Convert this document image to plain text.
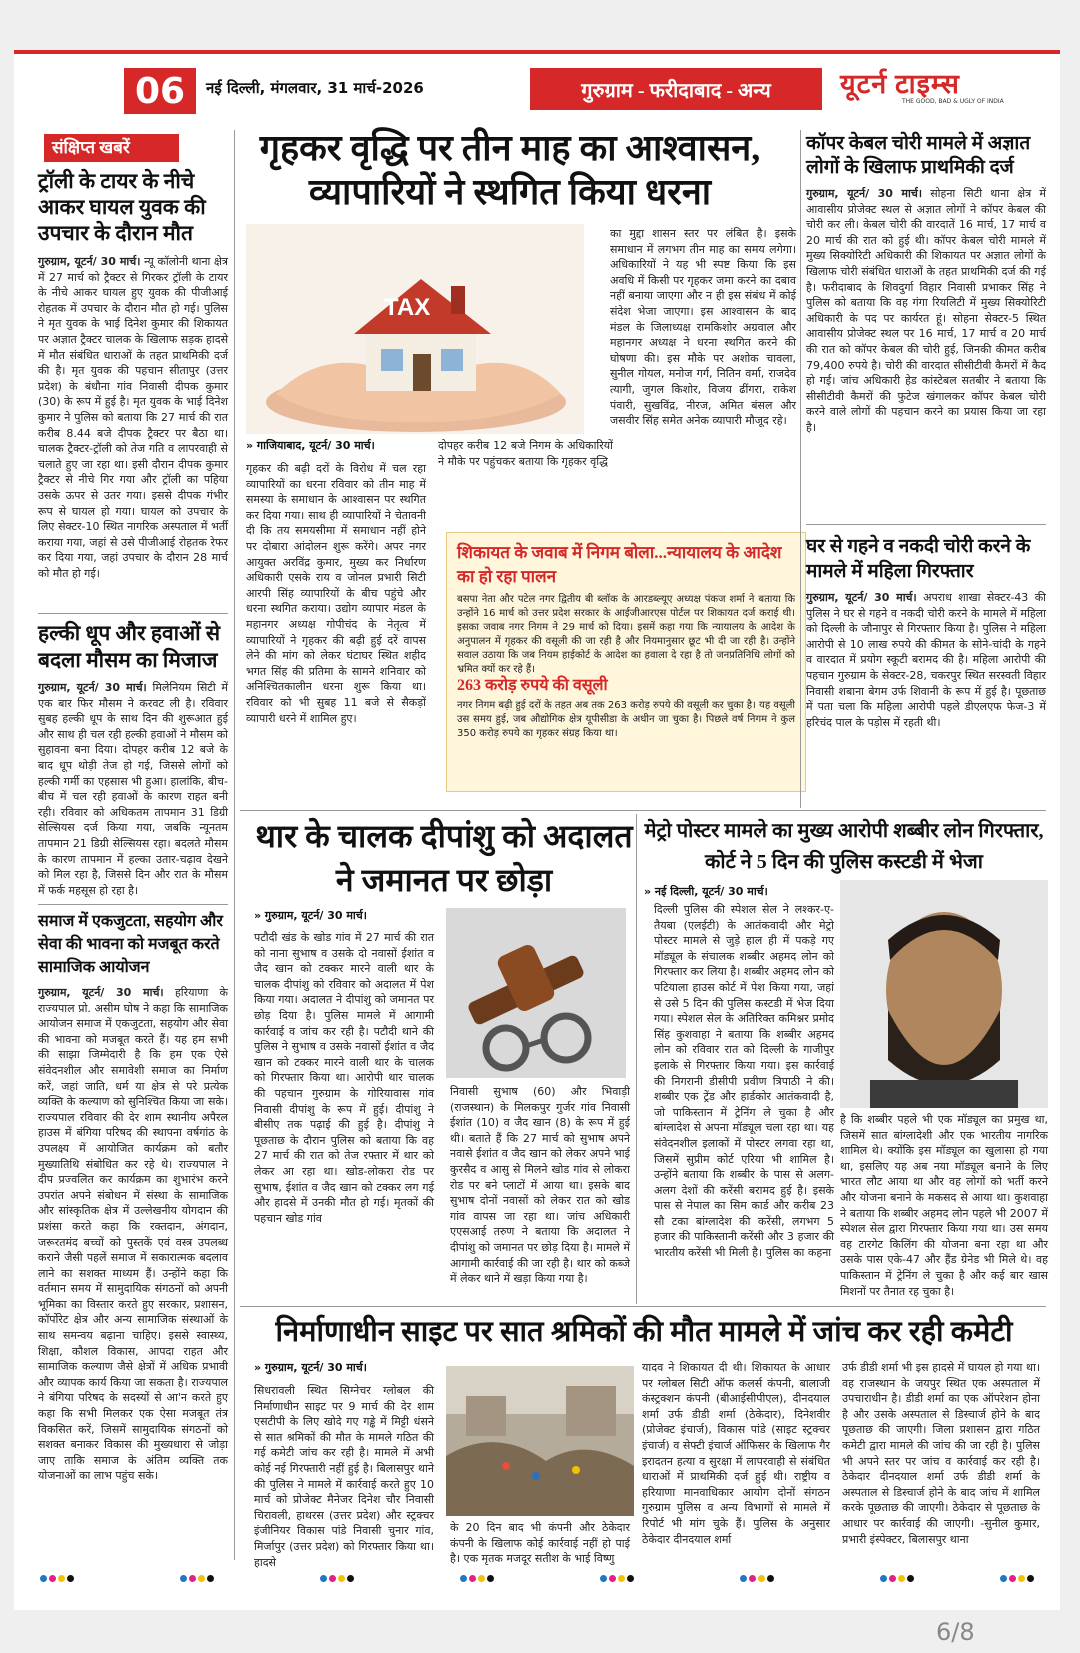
06	नई दिल्ली, मंगलवार, 31 मार्च-2026	गुरुग्राम - फरीदाबाद - अन्य	यूटर्न टाइम्स
THE GOOD, BAD & UGLY OF INDIA
संक्षिप्त खबरें
ट्रॉली के टायर के नीचे आकर घायल युवक की उपचार के दौरान मौत
गुरुग्राम, यूटर्न/ 30 मार्च। न्यू कॉलोनी थाना क्षेत्र में 27 मार्च को ट्रैक्टर से गिरकर ट्रॉली के टायर के नीचे आकर घायल हुए युवक की पीजीआई रोहतक में उपचार के दौरान मौत हो गई। पुलिस ने मृत युवक के भाई दिनेश कुमार की शिकायत पर अज्ञात ट्रैक्टर चालक के खिलाफ सड़क हादसे में मौत संबंधित धाराओं के तहत प्राथमिकी दर्ज की है। मृत युवक की पहचान सीतापुर (उत्तर प्रदेश) के बंधौना गांव निवासी दीपक कुमार (30) के रूप में हुई है। मृत युवक के भाई दिनेश कुमार ने पुलिस को बताया कि 27 मार्च की रात करीब 8.44 बजे दीपक ट्रैक्टर पर बैठा था। चालक ट्रैक्टर-ट्रॉली को तेज गति व लापरवाही से चलाते हुए जा रहा था। इसी दौरान दीपक कुमार ट्रैक्टर से नीचे गिर गया और ट्रॉली का पहिया उसके ऊपर से उतर गया। इससे दीपक गंभीर रूप से घायल हो गया। घायल को उपचार के लिए सेक्टर-10 स्थित नागरिक अस्पताल में भर्ती कराया गया, जहां से उसे पीजीआई रोहतक रेफर कर दिया गया, जहां उपचार के दौरान 28 मार्च को मौत हो गई।
हल्की धूप और हवाओं से बदला मौसम का मिजाज
गुरुग्राम, यूटर्न/ 30 मार्च। मिलेनियम सिटी में एक बार फिर मौसम ने करवट ली है। रविवार सुबह हल्की धूप के साथ दिन की शुरूआत हुई और साथ ही चल रही हल्की हवाओं ने मौसम को सुहावना बना दिया। दोपहर करीब 12 बजे के बाद धूप थोड़ी तेज हो गई, जिससे लोगों को हल्की गर्मी का एहसास भी हुआ। हालांकि, बीच-बीच में चल रही हवाओं के कारण राहत बनी रही। रविवार को अधिकतम तापमान 31 डिग्री सेल्सियस दर्ज किया गया, जबकि न्यूनतम तापमान 21 डिग्री सेल्सियस रहा। बदलते मौसम के कारण तापमान में हल्का उतार-चढ़ाव देखने को मिल रहा है, जिससे दिन और रात के मौसम में फर्क महसूस हो रहा है।
समाज में एकजुटता, सहयोग और सेवा की भावना को मजबूत करते सामाजिक आयोजन
गुरुग्राम, यूटर्न/ 30 मार्च। हरियाणा के राज्यपाल प्रो. असीम घोष ने कहा कि सामाजिक आयोजन समाज में एकजुटता, सहयोग और सेवा की भावना को मजबूत करते हैं। यह हम सभी की साझा जिम्मेदारी है कि हम एक ऐसे संवेदनशील और समावेशी समाज का निर्माण करें, जहां जाति, धर्म या क्षेत्र से परे प्रत्येक व्यक्ति के कल्याण को सुनिश्चित किया जा सके। राज्यपाल रविवार की देर शाम स्थानीय अपैरल हाउस में बंगिया परिषद की स्थापना वर्षगांठ के उपलक्ष्य में आयोजित कार्यक्रम को बतौर मुख्यातिथि संबोधित कर रहे थे। राज्यपाल ने दीप प्रज्वलित कर कार्यक्रम का शुभारंभ करने उपरांत अपने संबोधन में संस्था के सामाजिक और सांस्कृतिक क्षेत्र में उल्लेखनीय योगदान की प्रशंसा करते कहा कि रक्तदान, अंगदान, जरूरतमंद बच्चों को पुस्तकें एवं वस्त्र उपलब्ध कराने जैसी पहलें समाज में सकारात्मक बदलाव लाने का सशक्त माध्यम हैं। उन्होंने कहा कि वर्तमान समय में सामुदायिक संगठनों को अपनी भूमिका का विस्तार करते हुए सरकार, प्रशासन, कॉर्पोरेट क्षेत्र और अन्य सामाजिक संस्थाओं के साथ समन्वय बढ़ाना चाहिए। इससे स्वास्थ्य, शिक्षा, कौशल विकास, आपदा राहत और सामाजिक कल्याण जैसे क्षेत्रों में अधिक प्रभावी और व्यापक कार्य किया जा सकता है। राज्यपाल ने बंगिया परिषद के सदस्यों से आ'न करते हुए कहा कि सभी मिलकर एक ऐसा मजबूत तंत्र विकसित करें, जिसमें सामुदायिक संगठनों को सशक्त बनाकर विकास की मुख्यधारा से जोड़ा जाए ताकि समाज के अंतिम व्यक्ति तक योजनाओं का लाभ पहुंच सके।
गृहकर वृद्धि पर तीन माह का आश्वासन, व्यापारियों ने स्थगित किया धरना
TAX
» गाजियाबाद, यूटर्न/ 30 मार्च।
गृहकर की बढ़ी दरों के विरोध में चल रहा व्यापारियों का धरना रविवार को तीन माह में समस्या के समाधान के आश्वासन पर स्थगित कर दिया गया। साथ ही व्यापारियों ने चेतावनी दी कि तय समयसीमा में समाधान नहीं होने पर दोबारा आंदोलन शुरू करेंगे। अपर नगर आयुक्त अरविंद्र कुमार, मुख्य कर निर्धारण अधिकारी एसके राय व जोनल प्रभारी सिटी आरपी सिंह व्यापारियों के बीच पहुंचे और धरना स्थगित कराया। उद्योग व्यापार मंडल के महानगर अध्यक्ष गोपीचंद के नेतृत्व में व्यापारियों ने गृहकर की बढ़ी हुई दरें वापस लेने की मांग को लेकर घंटाघर स्थित शहीद भगत सिंह की प्रतिमा के सामने शनिवार को अनिश्चितकालीन धरना शुरू किया था। रविवार को भी सुबह 11 बजे से सैकड़ों व्यापारी धरने में शामिल हुए।
दोपहर करीब 12 बजे निगम के अधिकारियों ने मौके पर पहुंचकर बताया कि गृहकर वृद्धि
का मुद्दा शासन स्तर पर लंबित है। इसके समाधान में लगभग तीन माह का समय लगेगा। अधिकारियों ने यह भी स्पष्ट किया कि इस अवधि में किसी पर गृहकर जमा करने का दबाव नहीं बनाया जाएगा और न ही इस संबंध में कोई संदेश भेजा जाएगा। इस आश्वासन के बाद मंडल के जिलाध्यक्ष रामकिशोर अग्रवाल और महानगर अध्यक्ष ने धरना स्थगित करने की घोषणा की। इस मौके पर अशोक चावला, सुनील गोयल, मनोज गर्ग, नितिन वर्मा, राजदेव त्यागी, जुगल किशोर, विजय ढींगरा, राकेश पंवारी, सुखविंद्र, नीरज, अमित बंसल और जसवीर सिंह समेत अनेक व्यापारी मौजूद रहे।
शिकायत के जवाब में निगम बोला...न्यायालय के आदेश का हो रहा पालन
बसपा नेता और पटेल नगर द्वितीय बी ब्लॉक के आरडब्ल्यूए अध्यक्ष पंकज शर्मा ने बताया कि उन्होंने 16 मार्च को उत्तर प्रदेश सरकार के आईजीआरएस पोर्टल पर शिकायत दर्ज कराई थी। इसका जवाब नगर निगम ने 29 मार्च को दिया। इसमें कहा गया कि न्यायालय के आदेश के अनुपालन में गृहकर की वसूली की जा रही है और नियमानुसार छूट भी दी जा रही है। उन्होंने सवाल उठाया कि जब नियम हाईकोर्ट के आदेश का हवाला दे रहा है तो जनप्रतिनिधि लोगों को भ्रमित क्यों कर रहे हैं।
263 करोड़ रुपये की वसूली
नगर निगम बढ़ी हुई दरों के तहत अब तक 263 करोड़ रुपये की वसूली कर चुका है। यह वसूली उस समय हुई, जब औद्योगिक क्षेत्र यूपीसीडा के अधीन जा चुका है। पिछले वर्ष निगम ने कुल 350 करोड़ रुपये का गृहकर संग्रह किया था।
कॉपर केबल चोरी मामले में अज्ञात लोगों के खिलाफ प्राथमिकी दर्ज
गुरुग्राम, यूटर्न/ 30 मार्च। सोहना सिटी थाना क्षेत्र में आवासीय प्रोजेक्ट स्थल से अज्ञात लोगों ने कॉपर केबल की चोरी कर ली। केबल चोरी की वारदातें 16 मार्च, 17 मार्च व 20 मार्च की रात को हुई थी। कॉपर केबल चोरी मामले में मुख्य सिक्योरिटी अधिकारी की शिकायत पर अज्ञात लोगों के खिलाफ चोरी संबंधित धाराओं के तहत प्राथमिकी दर्ज की गई है। फरीदाबाद के शिवदुर्गा विहार निवासी प्रभाकर सिंह ने पुलिस को बताया कि वह गंगा रियलिटी में मुख्य सिक्योरिटी अधिकारी के पद पर कार्यरत हूं। सोहना सेक्टर-5 स्थित आवासीय प्रोजेक्ट स्थल पर 16 मार्च, 17 मार्च व 20 मार्च की रात को कॉपर केबल की चोरी हुई, जिनकी कीमत करीब 79,400 रुपये है। चोरी की वारदात सीसीटीवी कैमरों में कैद हो गई। जांच अधिकारी हेड कांस्टेबल सतबीर ने बताया कि सीसीटीवी कैमरों की फुटेज खंगालकर कॉपर केबल चोरी करने वाले लोगों की पहचान करने का प्रयास किया जा रहा है।
घर से गहने व नकदी चोरी करने के मामले में महिला गिरफ्तार
गुरुग्राम, यूटर्न/ 30 मार्च। अपराध शाखा सेक्टर-43 की पुलिस ने घर से गहने व नकदी चोरी करने के मामले में महिला को दिल्ली के जौनापुर से गिरफ्तार किया है। पुलिस ने महिला आरोपी से 10 लाख रुपये की कीमत के सोने-चांदी के गहने व वारदात में प्रयोग स्कूटी बरामद की है। महिला आरोपी की पहचान गुरुग्राम के सेक्टर-28, चकरपुर स्थित सरस्वती विहार निवासी शबाना बेगम उर्फ शिवानी के रूप में हुई है। पूछताछ में पता चला कि महिला आरोपी पहले डीएलएफ फेज-3 में हरिचंद पाल के पड़ोस में रहती थी।
थार के चालक दीपांशु को अदालत ने जमानत पर छोड़ा
» गुरुग्राम, यूटर्न/ 30 मार्च।
पटौदी खंड के खोड गांव में 27 मार्च की रात को नाना सुभाष व उसके दो नवासों ईशांत व जैद खान को टक्कर मारने वाली थार के चालक दीपांशु को रविवार को अदालत में पेश किया गया। अदालत ने दीपांशु को जमानत पर छोड़ दिया है। पुलिस मामले में आगामी कार्रवाई व जांच कर रही है। पटौदी थाने की पुलिस ने सुभाष व उसके नवासों ईशांत व जैद खान को टक्कर मारने वाली थार के चालक को गिरफ्तार किया था। आरोपी थार चालक की पहचान गुरुग्राम के गोरियावास गांव निवासी दीपांशु के रूप में हुई। दीपांशु ने बीसीए तक पढ़ाई की हुई है। दीपांशु ने पूछताछ के दौरान पुलिस को बताया कि वह 27 मार्च की रात को तेज रफ्तार में थार को लेकर आ रहा था। खोड-लोकरा रोड पर सुभाष, ईशांत व जैद खान को टक्कर लग गई और हादसे में उनकी मौत हो गई। मृतकों की पहचान खोड गांव
निवासी सुभाष (60) और भिवाड़ी (राजस्थान) के मिलकपुर गुर्जर गांव निवासी ईशांत (10) व जैद खान (8) के रूप में हुई थी। बताते हैं कि 27 मार्च को सुभाष अपने नवासे ईशांत व जैद खान को लेकर अपने भाई कुरसैद व आसु से मिलने खोड गांव से लोकरा रोड पर बने प्लाटों में आया था। इसके बाद सुभाष दोनों नवासों को लेकर रात को खोड गांव वापस जा रहा था। जांच अधिकारी एएसआई तरुण ने बताया कि अदालत ने दीपांशु को जमानत पर छोड़ दिया है। मामले में आगामी कार्रवाई की जा रही है। थार को कब्जे में लेकर थाने में खड़ा किया गया है।
मेट्रो पोस्टर मामले का मुख्य आरोपी शब्बीर लोन गिरफ्तार, कोर्ट ने 5 दिन की पुलिस कस्टडी में भेजा
» नई दिल्ली, यूटर्न/ 30 मार्च।
दिल्ली पुलिस की स्पेशल सेल ने लश्कर-ए-तैयबा (एलईटी) के आतंकवादी और मेट्रो पोस्टर मामले से जुड़े हाल ही में पकड़े गए मॉड्यूल के संचालक शब्बीर अहमद लोन को गिरफ्तार कर लिया है। शब्बीर अहमद लोन को पटियाला हाउस कोर्ट में पेश किया गया, जहां से उसे 5 दिन की पुलिस कस्टडी में भेज दिया गया। स्पेशल सेल के अतिरिक्त कमिश्नर प्रमोद सिंह कुशवाहा ने बताया कि शब्बीर अहमद लोन को रविवार रात को दिल्ली के गाजीपुर इलाके से गिरफ्तार किया गया। इस कार्रवाई की निगरानी डीसीपी प्रवीण त्रिपाठी ने की। शब्बीर एक ट्रेंड और हार्डकोर आतंकवादी है, जो पाकिस्तान में ट्रेनिंग ले चुका है और बांग्लादेश से अपना मॉड्यूल चला रहा था। यह संवेदनशील इलाकों में पोस्टर लगवा रहा था, जिसमें सुप्रीम कोर्ट एरिया भी शामिल है। उन्होंने बताया कि शब्बीर के पास से अलग-अलग देशों की करेंसी बरामद हुई है। इसके पास से नेपाल का सिम कार्ड और करीब 23 सौ टका बांग्लादेश की करेंसी, लगभग 5 हजार की पाकिस्तानी करेंसी और 3 हजार की भारतीय करेंसी भी मिली है। पुलिस का कहना
है कि शब्बीर पहले भी एक मॉड्यूल का प्रमुख था, जिसमें सात बांग्लादेशी और एक भारतीय नागरिक शामिल थे। क्योंकि इस मॉड्यूल का खुलासा हो गया था, इसलिए यह अब नया मॉड्यूल बनाने के लिए भारत लौट आया था और वह लोगों को भर्ती करने और योजना बनाने के मकसद से आया था। कुशवाहा ने बताया कि शब्बीर अहमद लोन पहले भी 2007 में स्पेशल सेल द्वारा गिरफ्तार किया गया था। उस समय वह टारगेट किलिंग की योजना बना रहा था और उसके पास एके-47 और हैंड ग्रेनेड भी मिले थे। वह पाकिस्तान में ट्रेनिंग ले चुका है और कई बार खास मिशनों पर तैनात रह चुका है।
निर्माणाधीन साइट पर सात श्रमिकों की मौत मामले में जांच कर रही कमेटी
» गुरुग्राम, यूटर्न/ 30 मार्च।
सिधरावली स्थित सिग्नेचर ग्लोबल की निर्माणाधीन साइट पर 9 मार्च की देर शाम एसटीपी के लिए खोदे गए गड्ढे में मिट्टी धंसने से सात श्रमिकों की मौत के मामले गठित की गई कमेटी जांच कर रही है। मामले में अभी कोई नई गिरफ्तारी नहीं हुई है। बिलासपुर थाने की पुलिस ने मामले में कार्रवाई करते हुए 10 मार्च को प्रोजेक्ट मैनेजर दिनेश चौर निवासी चिरावली, हाथरस (उत्तर प्रदेश) और स्ट्रक्चर इंजीनियर विकास पांडे निवासी चुनार गांव, मिर्जापुर (उत्तर प्रदेश) को गिरफ्तार किया था। हादसे
के 20 दिन बाद भी कंपनी और ठेकेदार कंपनी के खिलाफ कोई कार्रवाई नहीं हो पाई है। एक मृतक मजदूर सतीश के भाई विष्णु
यादव ने शिकायत दी थी। शिकायत के आधार पर ग्लोबल सिटी ऑफ कलर्स कंपनी, बालाजी कंस्ट्रक्शन कंपनी (बीआईसीपीएल), दीनदयाल शर्मा उर्फ डीडी शर्मा (ठेकेदार), दिनेशवीर (प्रोजेक्ट इंचार्ज), विकास पांडे (साइट स्ट्रक्चर इंचार्ज) व सेफ्टी इंचार्ज ऑफिसर के खिलाफ गैर इरादतन हत्या व सुरक्षा में लापरवाही से संबंधित धाराओं में प्राथमिकी दर्ज हुई थी। राष्ट्रीय व हरियाणा मानवाधिकार आयोग दोनों संगठन गुरुग्राम पुलिस व अन्य विभागों से मामले में रिपोर्ट भी मांग चुके हैं। पुलिस के अनुसार ठेकेदार दीनदयाल शर्मा
उर्फ डीडी शर्मा भी इस हादसे में घायल हो गया था। वह राजस्थान के जयपुर स्थित एक अस्पताल में उपचाराधीन है। डीडी शर्मा का एक ऑपरेशन होना है और उसके अस्पताल से डिस्चार्ज होने के बाद पूछताछ की जाएगी। जिला प्रशासन द्वारा गठित कमेटी द्वारा मामले की जांच की जा रही है। पुलिस भी अपने स्तर पर जांच व कार्रवाई कर रही है। ठेकेदार दीनदयाल शर्मा उर्फ डीडी शर्मा के अस्पताल से डिस्चार्ज होने के बाद जांच में शामिल करके पूछताछ की जाएगी। ठेकेदार से पूछताछ के आधार पर कार्रवाई की जाएगी। -सुनील कुमार, प्रभारी इंस्पेक्टर, बिलासपुर थाना
6/8
